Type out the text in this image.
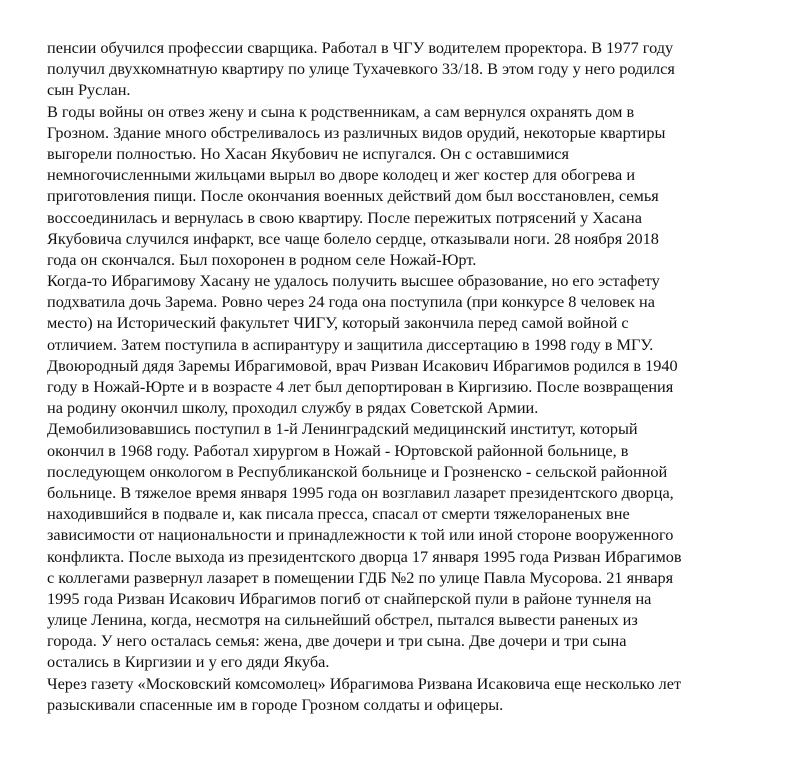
пенсии обучился профессии сварщика. Работал в ЧГУ водителем проректора. В 1977 году
получил двухкомнатную квартиру по улице Тухачевкого 33/18. В этом году у него родился
сын Руслан.
В годы войны он отвез жену и сына к родственникам, а сам вернулся охранять дом в
Грозном. Здание много обстреливалось из различных видов орудий, некоторые квартиры
выгорели полностью. Но Хасан Якубович не испугался. Он с оставшимися
немногочисленными жильцами вырыл во дворе колодец и жег костер для обогрева и
приготовления пищи. После окончания военных действий дом был восстановлен, семья
воссоединилась и вернулась в свою квартиру. После пережитых потрясений у Хасана
Якубовича случился инфаркт, все чаще болело сердце, отказывали ноги. 28 ноября 2018
года он скончался. Был похоронен в родном селе Ножай-Юрт.
Когда-то Ибрагимову Хасану не удалось получить высшее образование, но его эстафету
подхватила дочь Зарема. Ровно через 24 года она поступила (при конкурсе 8 человек на
место) на Исторический факультет ЧИГУ, который закончила перед самой войной с
отличием. Затем поступила в аспирантуру и защитила диссертацию в 1998 году в МГУ.
Двоюродный дядя Заремы Ибрагимовой, врач Ризван Исакович Ибрагимов родился в 1940
году в Ножай-Юрте и в возрасте 4 лет был депортирован в Киргизию. После возвращения
на родину окончил школу, проходил службу в рядах Советской Армии.
Демобилизовавшись поступил в 1-й Ленинградский медицинский институт, который
окончил в 1968 году. Работал хирургом в Ножай - Юртовской районной больнице, в
последующем онкологом в Республиканской больнице и Грозненско - сельской районной
больнице. В тяжелое время января 1995 года он возглавил лазарет президентского дворца,
находившийся в подвале и, как писала пресса, спасал от смерти тяжелораненых вне
зависимости от национальности и принадлежности к той или иной стороне вооруженного
конфликта. После выхода из президентского дворца 17 января 1995 года Ризван Ибрагимов
с коллегами развернул лазарет в помещении ГДБ №2 по улице Павла Мусорова. 21 января
1995 года Ризван Исакович Ибрагимов погиб от снайперской пули в районе туннеля на
улице Ленина, когда, несмотря на сильнейший обстрел, пытался вывести раненых из
города. У него осталась семья: жена, две дочери и три сына. Две дочери и три сына
остались в Киргизии и у его дяди Якуба.
Через газету «Московский комсомолец» Ибрагимова Ризвана Исаковича еще несколько лет
разыскивали спасенные им в городе Грозном солдаты и офицеры.
